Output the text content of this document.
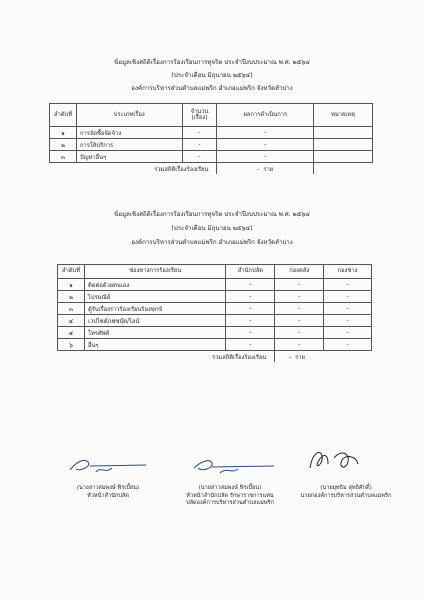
ข้อมูลเชิงสถิติเรื่องการร้องเรียนการทุจริต ประจำปีงบประมาณ พ.ศ. ๒๕๖๔
(ประจำเดือน มิถุนายน ๒๕๖๔)
องค์การบริหารส่วนตำบลแม่พริก อำเภอแม่พริก จังหวัดลำปาง
ลำดับที่	ประเภทเรื่อง	จำนวน (เรื่อง)	ผลการดำเนินการ	หมายเหตุ
๑	การจัดซื้อจัดจ้าง	-	-	
๒	การให้บริการ	-	-	
๓	ปัญหาอื่นๆ	-	-	
	รวมสถิติเรื่องร้องเรียน		- ราย	
ข้อมูลเชิงสถิติเรื่องการร้องเรียนการทุจริต ประจำปีงบประมาณ พ.ศ. ๒๕๖๔
(ประจำเดือน มิถุนายน ๒๕๖๔)
องค์การบริหารส่วนตำบลแม่พริก อำเภอแม่พริก จังหวัดลำปาง
ลำดับที่	ช่องทางการร้องเรียน	สำนักปลัด	กองคลัง	กองช่าง
๑	ติดต่อด้วยตนเอง	-	-	-
๒	ไปรษณีย์	-	-	-
๓	ตู้รับเรื่องราวร้องเรียนร้องทุกข์	-	-	-
๔	เวปไซต์/เฟซบุ๊ค/ไลน์	-	-	-
๕	โทรศัพท์	-	-	-
๖	อื่นๆ	-	-	-
	รวมสถิติเรื่องร้องเรียน		- ราย	
(นางสาวสมพงษ์ ฟิรเบี้ยน)
หัวหน้าสำนักปลัด
(นายสาวสมพงษ์ ฟิรเบี้ยน)
หัวหน้าสำนักปลัด รักษาราชการแทน
ปลัดองค์การบริหารส่วนตำบลแม่พริก
(นายยุทธิม สุทธิศักดิ์)
นายกองค์การบริหารส่วนตำบลแม่พริก
